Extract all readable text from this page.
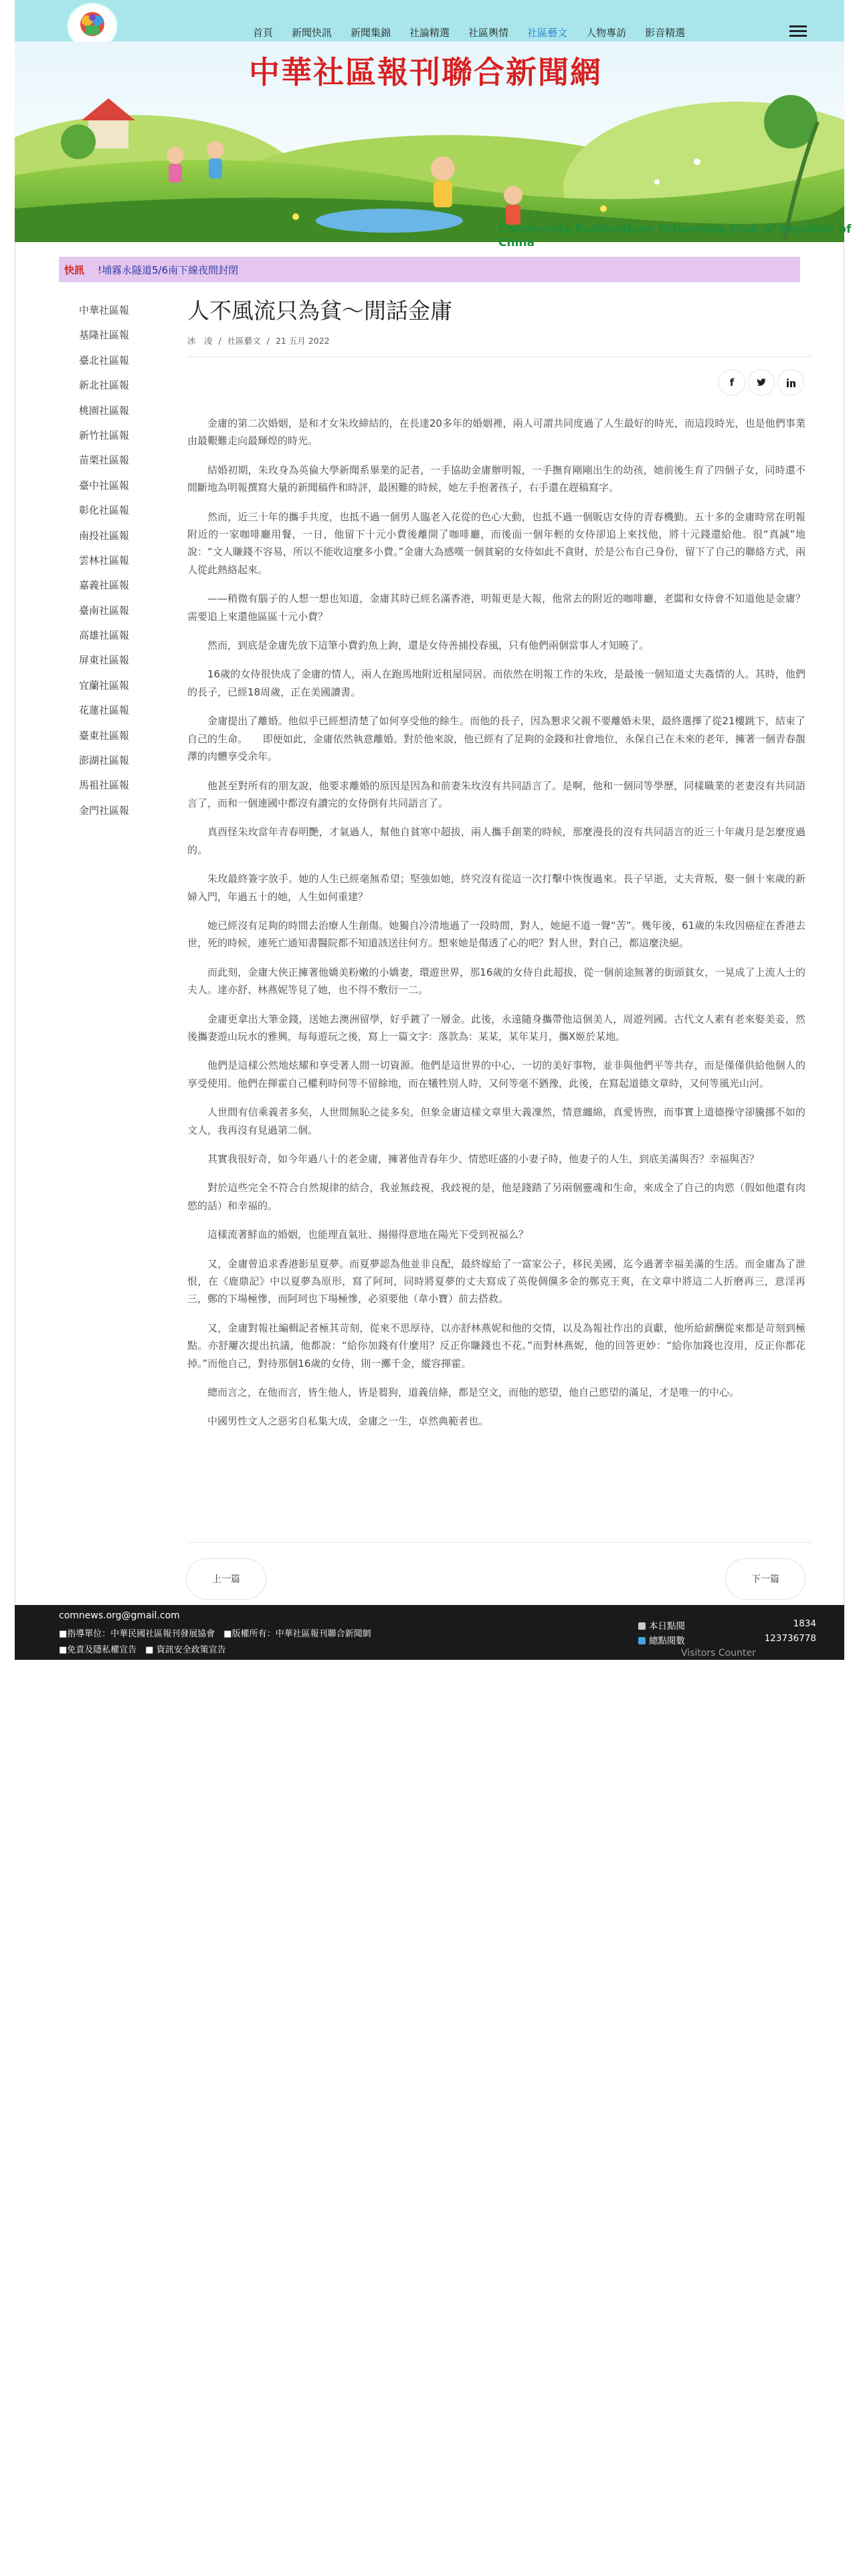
首頁	新聞快訊	新聞集錦	社論精選	社區輿情	社區藝文	人物專訪	影音精選
中華社區報刊聯合新聞網
Community Publications Fellowship Club of Republic of China
快訊 !埔霧永隧道5/6南下線夜間封閉
中華社區報
基隆社區報
臺北社區報
新北社區報
桃園社區報
新竹社區報
苗栗社區報
臺中社區報
彰化社區報
南投社區報
雲林社區報
嘉義社區報
臺南社區報
高雄社區報
屏東社區報
宜蘭社區報
花蓮社區報
臺東社區報
澎湖社區報
馬祖社區報
金門社區報
人不風流只為貧～閒話金庸
冰　凌 / 社區藝文 / 21 五月 2022
f

金庸的第二次婚姻，是和才女朱玫締結的，在長達20多年的婚姻裡，兩人可謂共同度過了人生最好的時光，而這段時光，也是他們事業由最艱難走向最輝煌的時光。

結婚初期，朱玫身為英倫大學新聞系畢業的記者，一手協助金庸辦明報，一手撫育剛剛出生的幼孩，她前後生育了四個子女，同時還不間斷地為明報撰寫大量的新聞稿件和時評，最困難的時候，她左手抱著孩子，右手還在趕稿寫字。

然而，近三十年的攜手共度，也抵不過一個男人臨老入花從的色心大動，也抵不過一個販店女侍的青春機勤。五十多的金庸時常在明報附近的一家咖啡廳用餐，一日，他留下十元小費後離開了咖啡廳，而後面一個年輕的女侍卻追上來找他，將十元錢還給他。很“真誠”地說：“文人賺錢不容易，所以不能收這麼多小費。”金庸大為感嘆一個貧窮的女侍如此不貪財，於是公布自己身份，留下了自己的聯絡方式，兩人從此熱絡起來。

——稍微有腦子的人想一想也知道，金庸其時已經名滿香港，明報更是大報，他常去的附近的咖啡廳，老闆和女侍會不知道他是金庸？需要追上來還他區區十元小費？

然而，到底是金庸先放下這筆小費釣魚上鉤，還是女侍善捕投春風，只有他們兩個當事人才知曉了。

16歲的女侍很快成了金庸的情人，兩人在跑馬地附近租屋同居。而依然在明報工作的朱玫，是最後一個知道丈夫姦情的人。其時，他們的長子，已經18周歲，正在美國讀書。

金庸提出了離婚。他似乎已經想清楚了如何享受他的餘生。而他的長子，因為懇求父親不要離婚未果，最終選擇了從21樓跳下，結束了自己的生命。　　即便如此，金庸依然執意離婚。對於他來說，他已經有了足夠的金錢和社會地位，永保自己在未來的老年，擁著一個青春靚澤的肉體享受余年。

他甚至對所有的朋友說，他要求離婚的原因是因為和前妻朱玫沒有共同語言了。是啊，他和一個同等學歷，同樣職業的老妻沒有共同語言了，而和一個連國中都沒有讀完的女侍倒有共同語言了。

真酉怪朱玫當年青春明艷，才氣過人，幫他自貧寒中超拔，兩人攜手創業的時候，那麼漫長的沒有共同語言的近三十年歲月是怎麼度過的。

朱玫最終簽字放手。她的人生已經毫無希望；堅強如她，終究沒有從這一次打擊中恢復過來。長子早逝，丈夫背叛，娶一個十來歲的新婦入門，年過五十的她，人生如何重建？

她已經沒有足夠的時間去治療人生創傷。她獨自冷清地過了一段時間，對人，她絕不道一聲“苦”。幾年後，61歲的朱玫因癌症在香港去世，死的時候，連死亡通知書醫院都不知道該送往何方。想來她是傷透了心的吧？對人世，對自己，都這麼決絕。

而此刻，金庸大俠正擁著他嬌美粉嫩的小嬌妻，環遊世界，那16歲的女侍自此超拔，從一個前途無著的街頭貧女，一晃成了上流人士的夫人。達亦舒、林燕妮等見了她，也不得不敷衍一二。

金庸更拿出大筆金錢，送她去澳洲留學，好乎鍍了一層金。此後，永遠隨身攜帶他這個美人，周遊列國。古代文人素有老來娶美妾，然後攜妻遊山玩水的雅興，每每遊玩之後，寫上一篇文字：落款為：某某，某年某月，攜X姬於某地。

他們是這樣公然地炫耀和享受著人間一切資源。他們是這世界的中心，一切的美好事物，並非與他們平等共存，而是僅僅供給他個人的享受使用。他們在揮霍自己權利時何等不留餘地，而在犧牲別人時，又何等毫不猶豫，此後，在寫起道德文章時，又何等風光山河。

人世間有信乘義者多矣，人世間無恥之徒多矣，但象金庸這樣文章里大義凜然，情意纏綿，真愛皆煦，而事實上道德操守卻騰挪不如的文人，我再沒有見過第二個。

其實我很好奇，如今年過八十的老金庸，擁著他青春年少、情慾旺盛的小妻子時，他妻子的人生，到底美滿與否？幸福與否？

對於這些完全不符合自然規律的結合，我並無歧視，我歧視的是，他是踐踏了另兩個靈魂和生命，來成全了自己的肉慾（假如他還有肉慾的話）和幸福的。

這樣流著鮮血的婚姻，也能理直氣壯、揚揚得意地在陽光下受到祝福么？

又，金庸曾追求香港影星夏夢。而夏夢認為他並非良配，最終嫁給了一富家公子，移民美國，迄今過著幸福美滿的生活。而金庸為了泄恨，在《鹿鼎記》中以夏夢為原形，寫了阿珂，同時將夏夢的丈夫寫成了英俊倜儻多金的鄭克王爽，在文章中將這二人折磨再三，意淫再三，鄭的下場極慘，而阿珂也下場極慘，必須要他（韋小寶）前去搭救。

又，金庸對報社編輯記者極其苛刻，從來不思厚待，以亦舒林燕妮和他的交情，以及為報社作出的貢獻，他所給薪酬從來都是苛刻到極點。亦舒屢次提出抗議，他都說：“給你加錢有什麼用？反正你賺錢也不花。”而對林燕妮，他的回答更妙：“給你加錢也沒用，反正你都花掉。”而他自己，對待那個16歲的女侍，則一擲千金，縱容揮霍。

總而言之，在他而言，皆生他人，皆是蒭狗，道義信條，都是空文，而他的慾望，他自己慾望的滿足，才是唯一的中心。

中國男性文人之惡劣自私集大成，金庸之一生，卓然典範者也。

上一篇	下一篇
comnews.org@gmail.com
■指導單位：中華民國社區報刊發展協會　■版權所有：中華社區報刊聯合新聞網
■免責及隱私權宣告　■ 資訊安全政策宣告
本日點閱	1834
總點閱數	123736778
Visitors Counter
